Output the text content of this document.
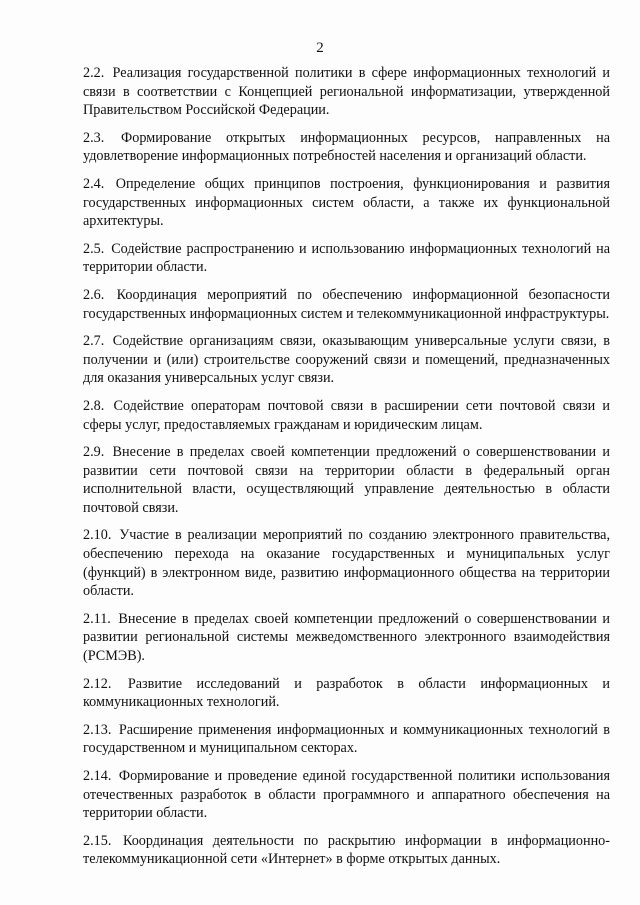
2

2.2. Реализация государственной политики в сфере информационных технологий и связи в соответствии с Концепцией региональной информатизации, утвержденной Правительством Российской Федерации.

2.3. Формирование открытых информационных ресурсов, направленных на удовлетворение информационных потребностей населения и организаций области.

2.4. Определение общих принципов построения, функционирования и развития государственных информационных систем области, а также их функциональной архитектуры.

2.5. Содействие распространению и использованию информационных технологий на территории области.

2.6. Координация мероприятий по обеспечению информационной безопасности государственных информационных систем и телекоммуникационной инфраструктуры.

2.7. Содействие организациям связи, оказывающим универсальные услуги связи, в получении и (или) строительстве сооружений связи и помещений, предназначенных для оказания универсальных услуг связи.

2.8. Содействие операторам почтовой связи в расширении сети почтовой связи и сферы услуг, предоставляемых гражданам и юридическим лицам.

2.9. Внесение в пределах своей компетенции предложений о совершенствовании и развитии сети почтовой связи на территории области в федеральный орган исполнительной власти, осуществляющий управление деятельностью в области почтовой связи.

2.10. Участие в реализации мероприятий по созданию электронного правительства, обеспечению перехода на оказание государственных и муниципальных услуг (функций) в электронном виде, развитию информационного общества на территории области.

2.11. Внесение в пределах своей компетенции предложений о совершенствовании и развитии региональной системы межведомственного электронного взаимодействия (РСМЭВ).

2.12. Развитие исследований и разработок в области информационных и коммуникационных технологий.

2.13. Расширение применения информационных и коммуникационных технологий в государственном и муниципальном секторах.

2.14. Формирование и проведение единой государственной политики использования отечественных разработок в области программного и аппаратного обеспечения на территории области.

2.15. Координация деятельности по раскрытию информации в информационно-телекоммуникационной сети «Интернет» в форме открытых данных.
